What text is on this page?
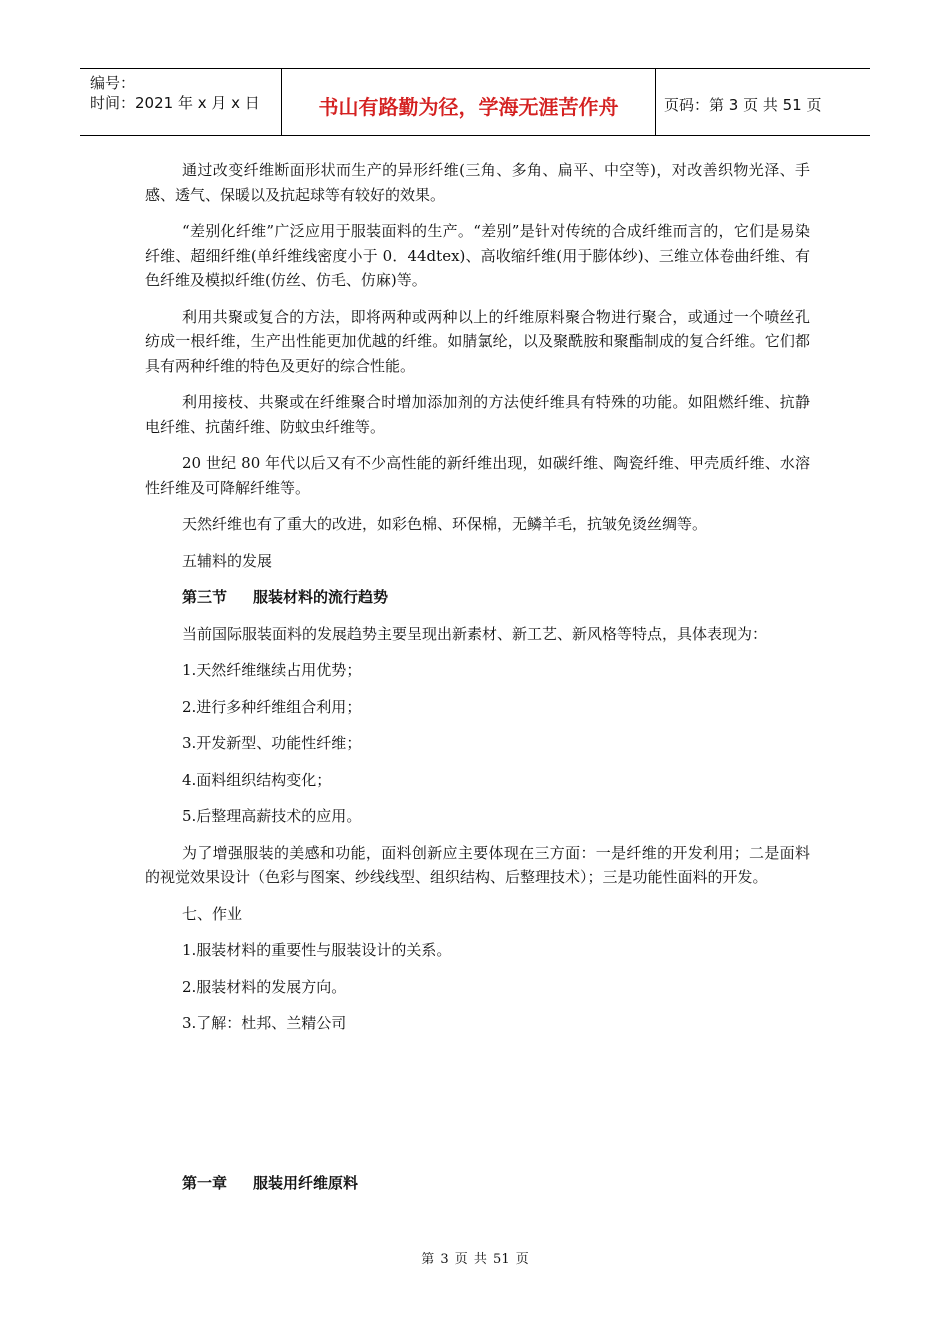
编号：
时间：2021 年 x 月 x 日	书山有路勤为径，学海无涯苦作舟	页码：第 3 页 共 51 页

通过改变纤维断面形状而生产的异形纤维(三角、多角、扁平、中空等)，对改善织物光泽、手感、透气、保暖以及抗起球等有较好的效果。

“差别化纤维”广泛应用于服装面料的生产。“差别”是针对传统的合成纤维而言的，它们是易染纤维、超细纤维(单纤维线密度小于 0．44dtex)、高收缩纤维(用于膨体纱)、三维立体卷曲纤维、有色纤维及模拟纤维(仿丝、仿毛、仿麻)等。

利用共聚或复合的方法，即将两种或两种以上的纤维原料聚合物进行聚合，或通过一个喷丝孔纺成一根纤维，生产出性能更加优越的纤维。如腈氯纶，以及聚酰胺和聚酯制成的复合纤维。它们都具有两种纤维的特色及更好的综合性能。

利用接枝、共聚或在纤维聚合时增加添加剂的方法使纤维具有特殊的功能。如阻燃纤维、抗静电纤维、抗菌纤维、防蚊虫纤维等。

20 世纪 80 年代以后又有不少高性能的新纤维出现，如碳纤维、陶瓷纤维、甲壳质纤维、水溶性纤维及可降解纤维等。

天然纤维也有了重大的改进，如彩色棉、环保棉，无鳞羊毛，抗皱免烫丝绸等。

五辅料的发展

第三节 服装材料的流行趋势

当前国际服装面料的发展趋势主要呈现出新素材、新工艺、新风格等特点，具体表现为：

1.天然纤维继续占用优势；

2.进行多种纤维组合利用；

3.开发新型、功能性纤维；

4.面料组织结构变化；

5.后整理高薪技术的应用。

为了增强服装的美感和功能，面料创新应主要体现在三方面：一是纤维的开发利用；二是面料的视觉效果设计（色彩与图案、纱线线型、组织结构、后整理技术）；三是功能性面料的开发。

七、作业

1.服装材料的重要性与服装设计的关系。

2.服装材料的发展方向。

3.了解：杜邦、兰精公司

第一章 服装用纤维原料
第 3 页 共 51 页
